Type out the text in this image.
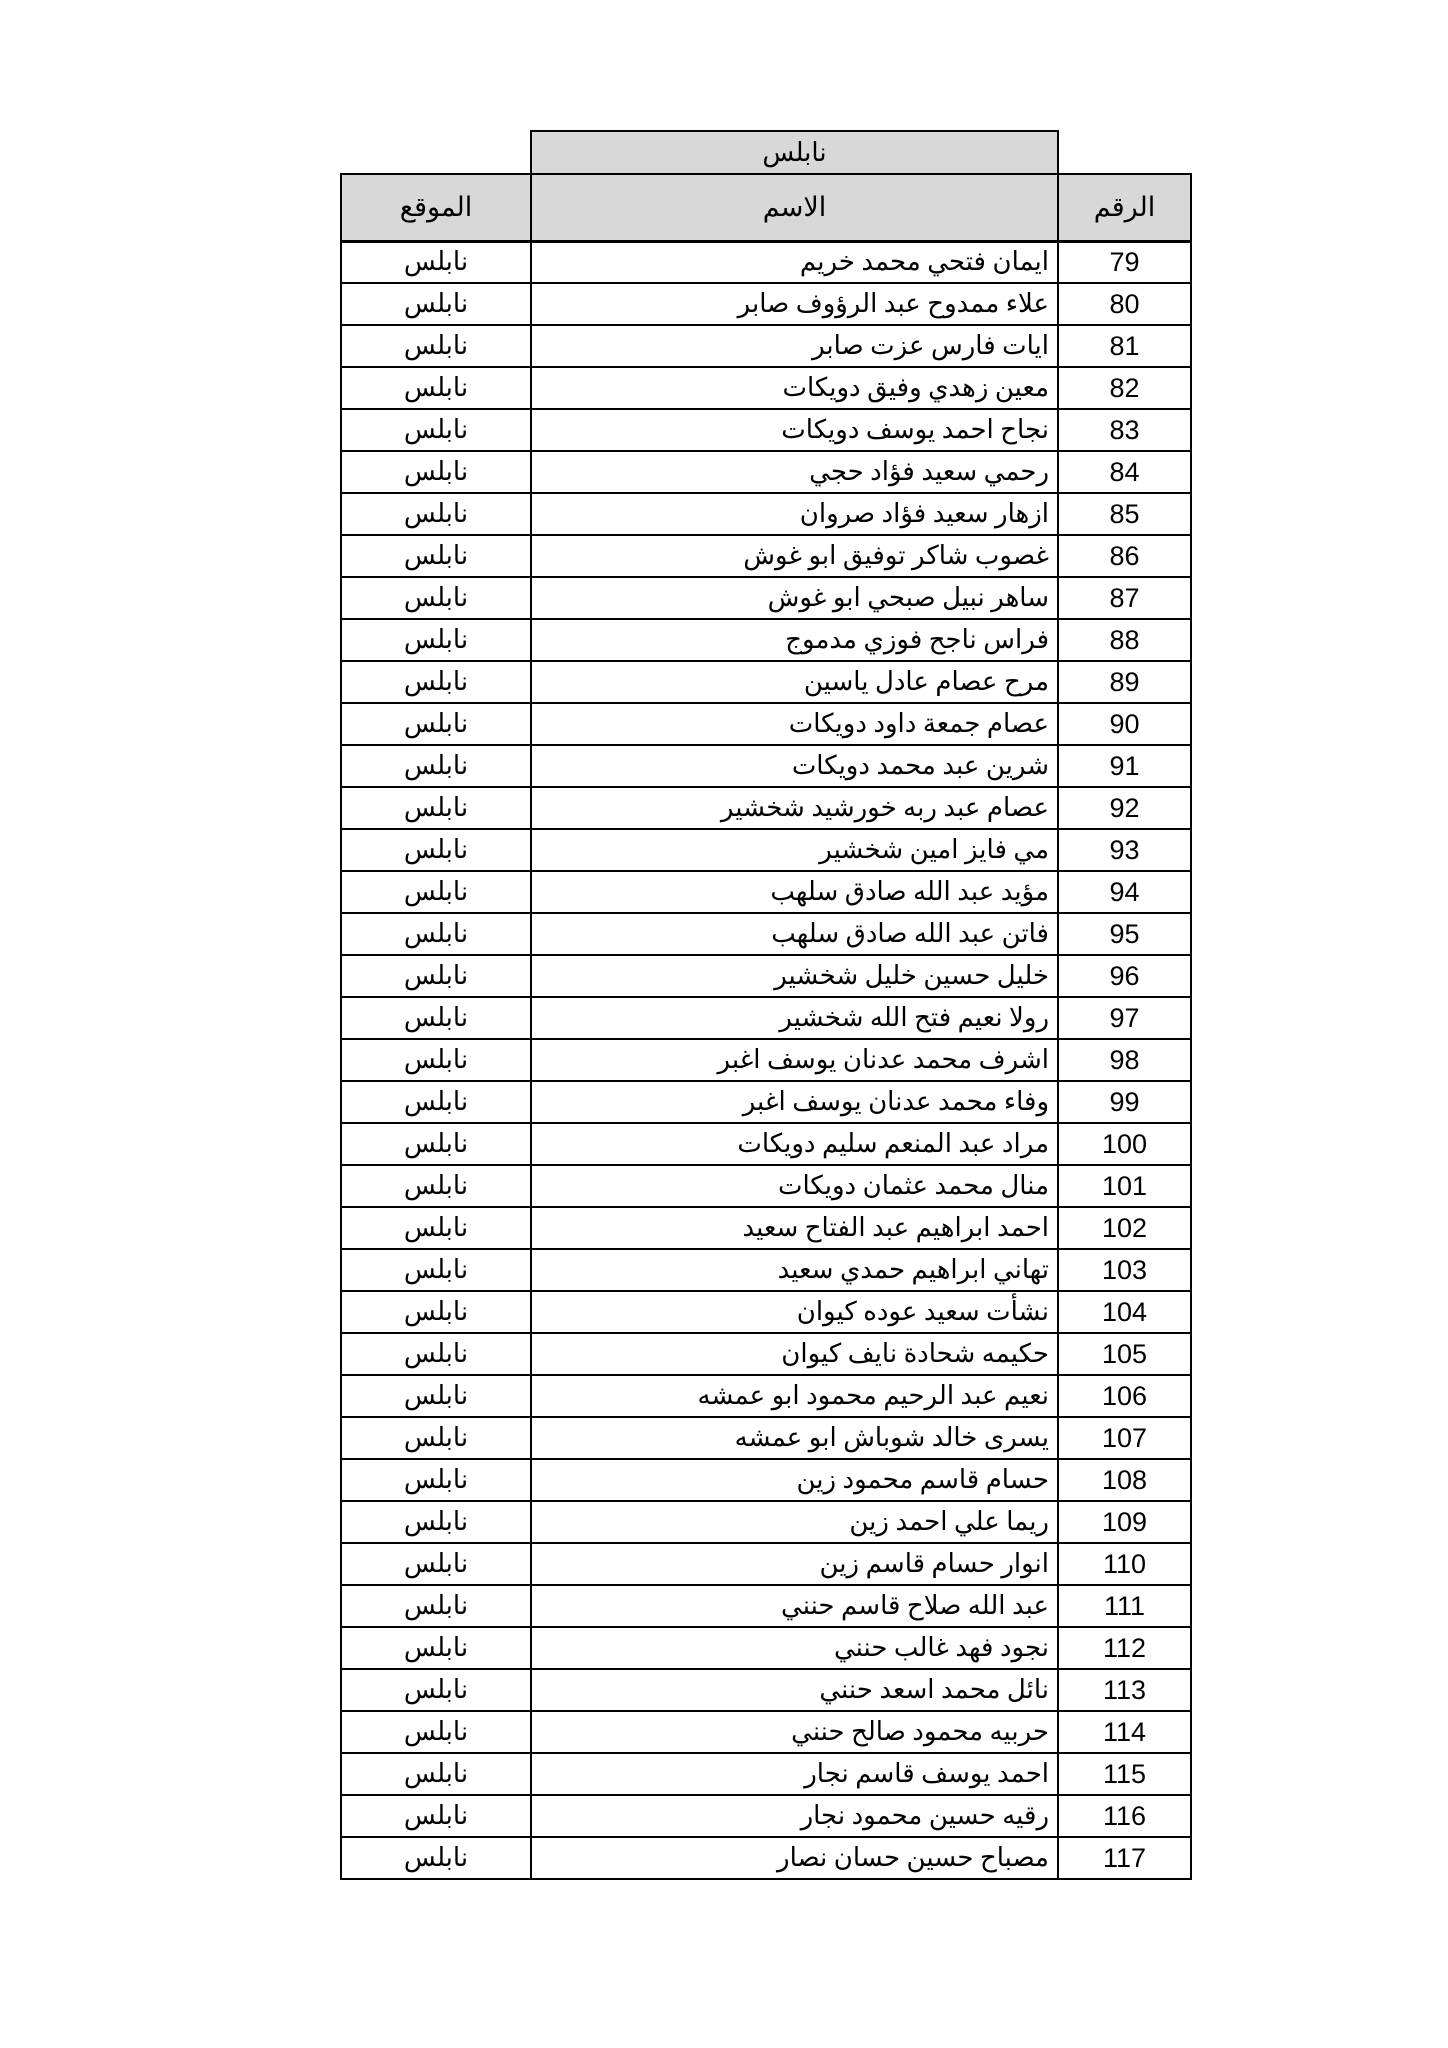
	نابلس	
الموقع	الاسم	الرقم
نابلس	ايمان فتحي محمد خريم	79
نابلس	علاء ممدوح عبد الرؤوف صابر	80
نابلس	ايات فارس عزت صابر	81
نابلس	معين زهدي وفيق دويكات	82
نابلس	نجاح احمد يوسف دويكات	83
نابلس	رحمي سعيد فؤاد حجي	84
نابلس	ازهار سعيد فؤاد صروان	85
نابلس	غصوب شاكر توفيق ابو غوش	86
نابلس	ساهر نبيل صبحي ابو غوش	87
نابلس	فراس ناجح فوزي مدموج	88
نابلس	مرح عصام عادل ياسين	89
نابلس	عصام جمعة داود دويكات	90
نابلس	شرين عبد محمد دويكات	91
نابلس	عصام عبد ربه خورشيد شخشير	92
نابلس	مي فايز امين شخشير	93
نابلس	مؤيد عبد الله صادق سلهب	94
نابلس	فاتن عبد الله صادق سلهب	95
نابلس	خليل حسين خليل شخشير	96
نابلس	رولا نعيم فتح الله شخشير	97
نابلس	اشرف محمد عدنان يوسف اغبر	98
نابلس	وفاء محمد عدنان يوسف اغبر	99
نابلس	مراد عبد المنعم سليم دويكات	100
نابلس	منال محمد عثمان دويكات	101
نابلس	احمد ابراهيم عبد الفتاح سعيد	102
نابلس	تهاني ابراهيم حمدي سعيد	103
نابلس	نشأت سعيد عوده كيوان	104
نابلس	حكيمه شحادة نايف كيوان	105
نابلس	نعيم عبد الرحيم محمود ابو عمشه	106
نابلس	يسرى خالد شوباش ابو عمشه	107
نابلس	حسام قاسم محمود زين	108
نابلس	ريما علي احمد زين	109
نابلس	انوار حسام قاسم زين	110
نابلس	عبد الله صلاح قاسم حنني	111
نابلس	نجود فهد غالب حنني	112
نابلس	نائل محمد اسعد حنني	113
نابلس	حربيه محمود صالح حنني	114
نابلس	احمد يوسف قاسم نجار	115
نابلس	رقيه حسين محمود نجار	116
نابلس	مصباح حسين حسان نصار	117
